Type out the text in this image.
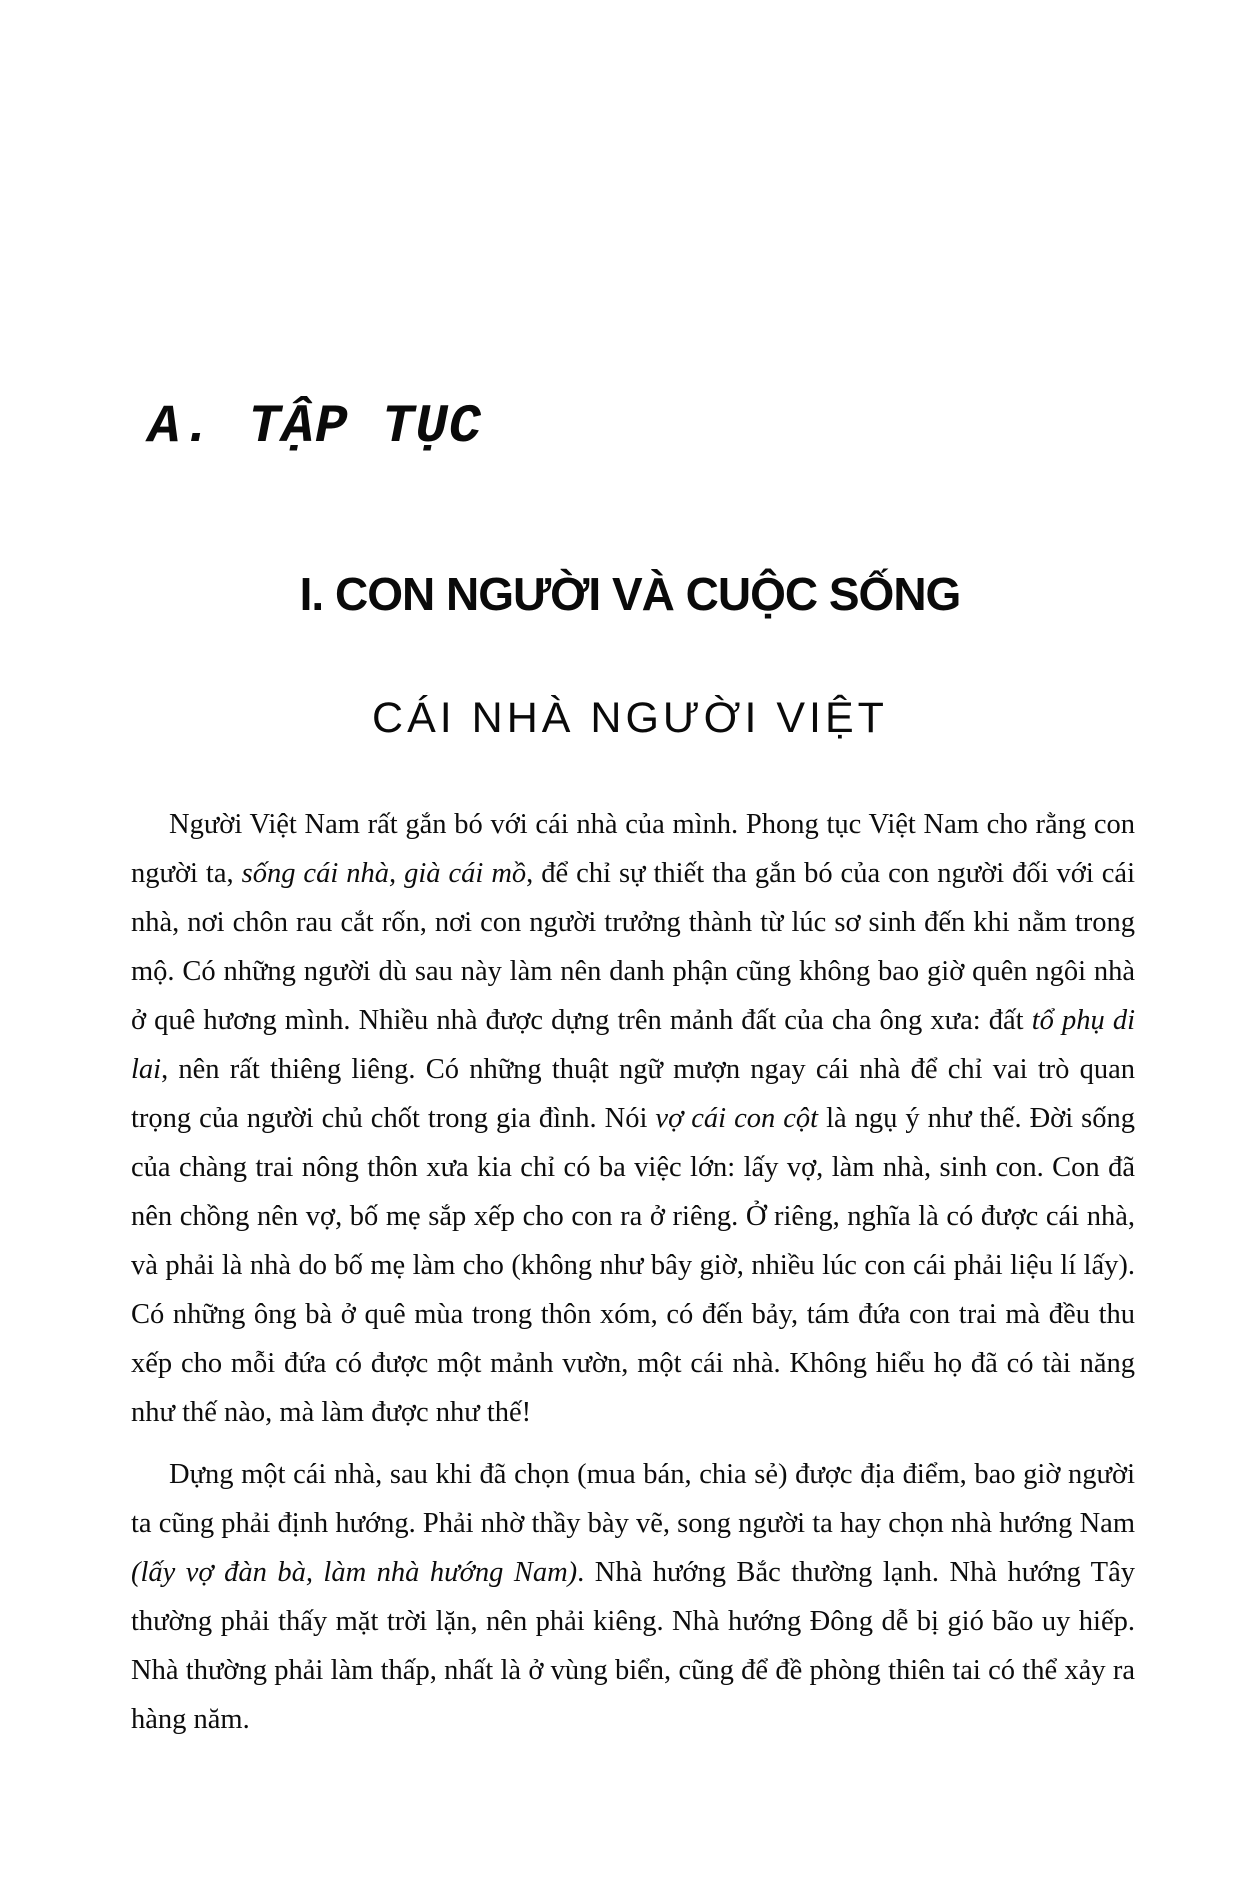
A. TẬP TỤC
I. CON NGƯỜI VÀ CUỘC SỐNG
CÁI NHÀ NGƯỜI VIỆT

Người Việt Nam rất gắn bó với cái nhà của mình. Phong tục Việt Nam cho rằng con người ta, sống cái nhà, già cái mồ, để chỉ sự thiết tha gắn bó của con người đối với cái nhà, nơi chôn rau cắt rốn, nơi con người trưởng thành từ lúc sơ sinh đến khi nằm trong mộ. Có những người dù sau này làm nên danh phận cũng không bao giờ quên ngôi nhà ở quê hương mình. Nhiều nhà được dựng trên mảnh đất của cha ông xưa: đất tổ phụ di lai, nên rất thiêng liêng. Có những thuật ngữ mượn ngay cái nhà để chỉ vai trò quan trọng của người chủ chốt trong gia đình. Nói vợ cái con cột là ngụ ý như thế. Đời sống của chàng trai nông thôn xưa kia chỉ có ba việc lớn: lấy vợ, làm nhà, sinh con. Con đã nên chồng nên vợ, bố mẹ sắp xếp cho con ra ở riêng. Ở riêng, nghĩa là có được cái nhà, và phải là nhà do bố mẹ làm cho (không như bây giờ, nhiều lúc con cái phải liệu lí lấy). Có những ông bà ở quê mùa trong thôn xóm, có đến bảy, tám đứa con trai mà đều thu xếp cho mỗi đứa có được một mảnh vườn, một cái nhà. Không hiểu họ đã có tài năng như thế nào, mà làm được như thế!

Dựng một cái nhà, sau khi đã chọn (mua bán, chia sẻ) được địa điểm, bao giờ người ta cũng phải định hướng. Phải nhờ thầy bày vẽ, song người ta hay chọn nhà hướng Nam (lấy vợ đàn bà, làm nhà hướng Nam). Nhà hướng Bắc thường lạnh. Nhà hướng Tây thường phải thấy mặt trời lặn, nên phải kiêng. Nhà hướng Đông dễ bị gió bão uy hiếp. Nhà thường phải làm thấp, nhất là ở vùng biển, cũng để đề phòng thiên tai có thể xảy ra hàng năm.
